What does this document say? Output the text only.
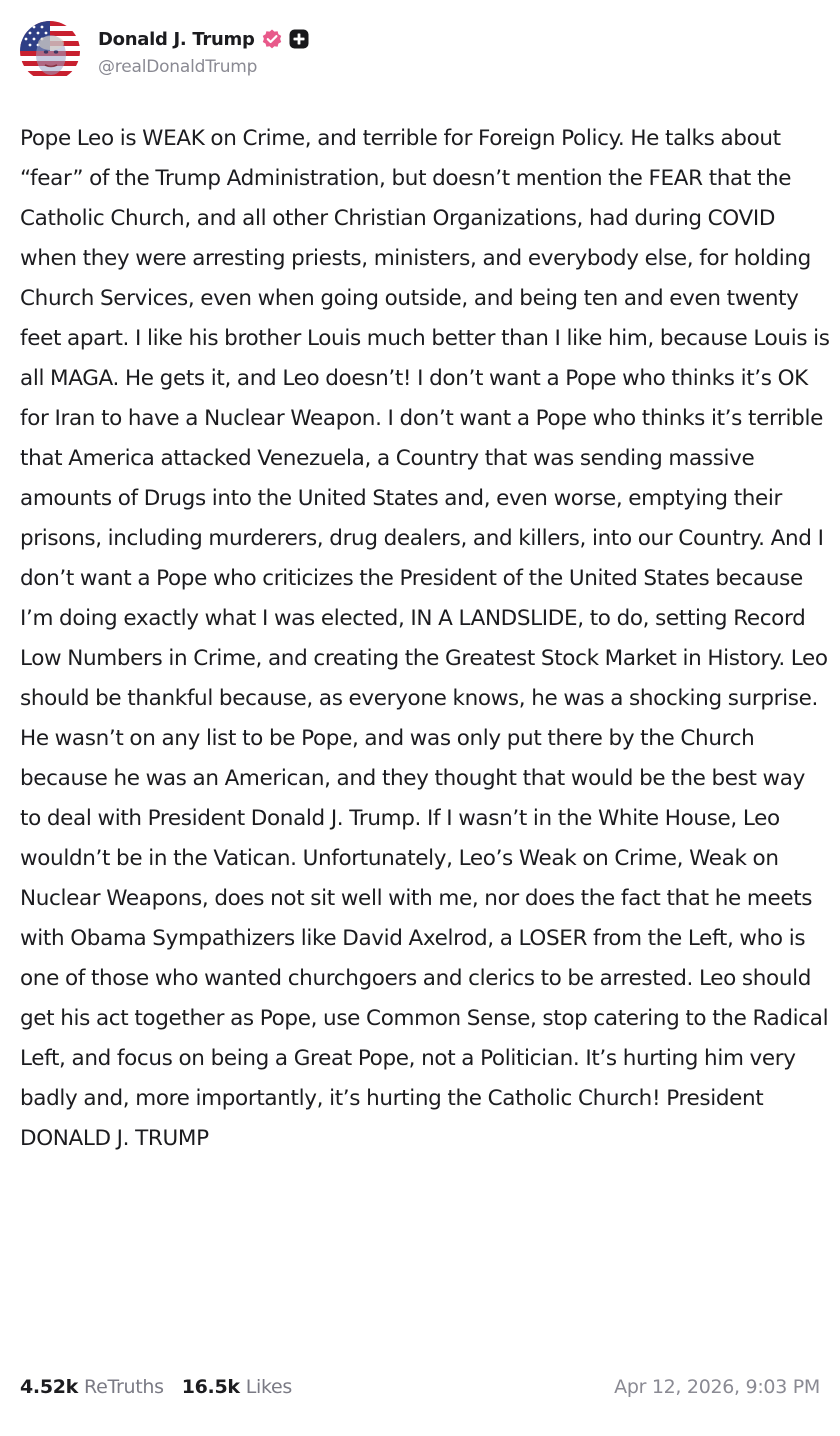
Donald J. Trump
@realDonaldTrump

Pope Leo is WEAK on Crime, and terrible for Foreign Policy. He talks about “fear” of the Trump Administration, but doesn’t mention the FEAR that the Catholic Church, and all other Christian Organizations, had during COVID when they were arresting priests, ministers, and everybody else, for holding Church Services, even when going outside, and being ten and even twenty feet apart. I like his brother Louis much better than I like him, because Louis is all MAGA. He gets it, and Leo doesn’t! I don’t want a Pope who thinks it’s OK for Iran to have a Nuclear Weapon. I don’t want a Pope who thinks it’s terrible that America attacked Venezuela, a Country that was sending massive amounts of Drugs into the United States and, even worse, emptying their prisons, including murderers, drug dealers, and killers, into our Country. And I don’t want a Pope who criticizes the President of the United States because I’m doing exactly what I was elected, IN A LANDSLIDE, to do, setting Record Low Numbers in Crime, and creating the Greatest Stock Market in History. Leo should be thankful because, as everyone knows, he was a shocking surprise. He wasn’t on any list to be Pope, and was only put there by the Church because he was an American, and they thought that would be the best way to deal with President Donald J. Trump. If I wasn’t in the White House, Leo wouldn’t be in the Vatican. Unfortunately, Leo’s Weak on Crime, Weak on Nuclear Weapons, does not sit well with me, nor does the fact that he meets with Obama Sympathizers like David Axelrod, a LOSER from the Left, who is one of those who wanted churchgoers and clerics to be arrested. Leo should get his act together as Pope, use Common Sense, stop catering to the Radical Left, and focus on being a Great Pope, not a Politician. It’s hurting him very badly and, more importantly, it’s hurting the Catholic Church! President DONALD J. TRUMP

4.52k ReTruths 16.5k Likes	Apr 12, 2026, 9:03 PM
